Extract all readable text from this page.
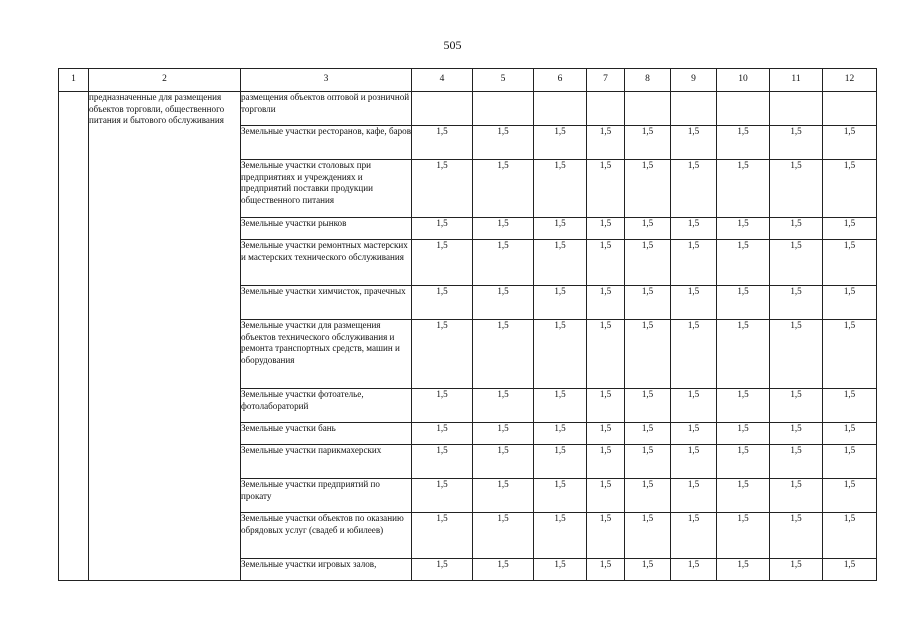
505
1	2	3	4	5	6	7	8	9	10	11	12
	предназначенные для размещения объектов торговли, общественного питания и бытового обслуживания	размещения объектов оптовой и розничной торговли									
		Земельные участки ресторанов, кафе, баров	1,5	1,5	1,5	1,5	1,5	1,5	1,5	1,5	1,5
		Земельные участки столовых при предприятиях и учреждениях и предприятий поставки продукции общественного питания	1,5	1,5	1,5	1,5	1,5	1,5	1,5	1,5	1,5
		Земельные участки рынков	1,5	1,5	1,5	1,5	1,5	1,5	1,5	1,5	1,5
		Земельные участки ремонтных мастерских и мастерских технического обслуживания	1,5	1,5	1,5	1,5	1,5	1,5	1,5	1,5	1,5
		Земельные участки химчисток, прачечных	1,5	1,5	1,5	1,5	1,5	1,5	1,5	1,5	1,5
		Земельные участки для размещения объектов технического обслуживания и ремонта транспортных средств, машин и оборудования	1,5	1,5	1,5	1,5	1,5	1,5	1,5	1,5	1,5
		Земельные участки фотоателье, фотолабораторий	1,5	1,5	1,5	1,5	1,5	1,5	1,5	1,5	1,5
		Земельные участки бань	1,5	1,5	1,5	1,5	1,5	1,5	1,5	1,5	1,5
		Земельные участки парикмахерских	1,5	1,5	1,5	1,5	1,5	1,5	1,5	1,5	1,5
		Земельные участки предприятий по прокату	1,5	1,5	1,5	1,5	1,5	1,5	1,5	1,5	1,5
		Земельные участки объектов по оказанию обрядовых услуг (свадеб и юбилеев)	1,5	1,5	1,5	1,5	1,5	1,5	1,5	1,5	1,5
		Земельные участки игровых залов,	1,5	1,5	1,5	1,5	1,5	1,5	1,5	1,5	1,5
